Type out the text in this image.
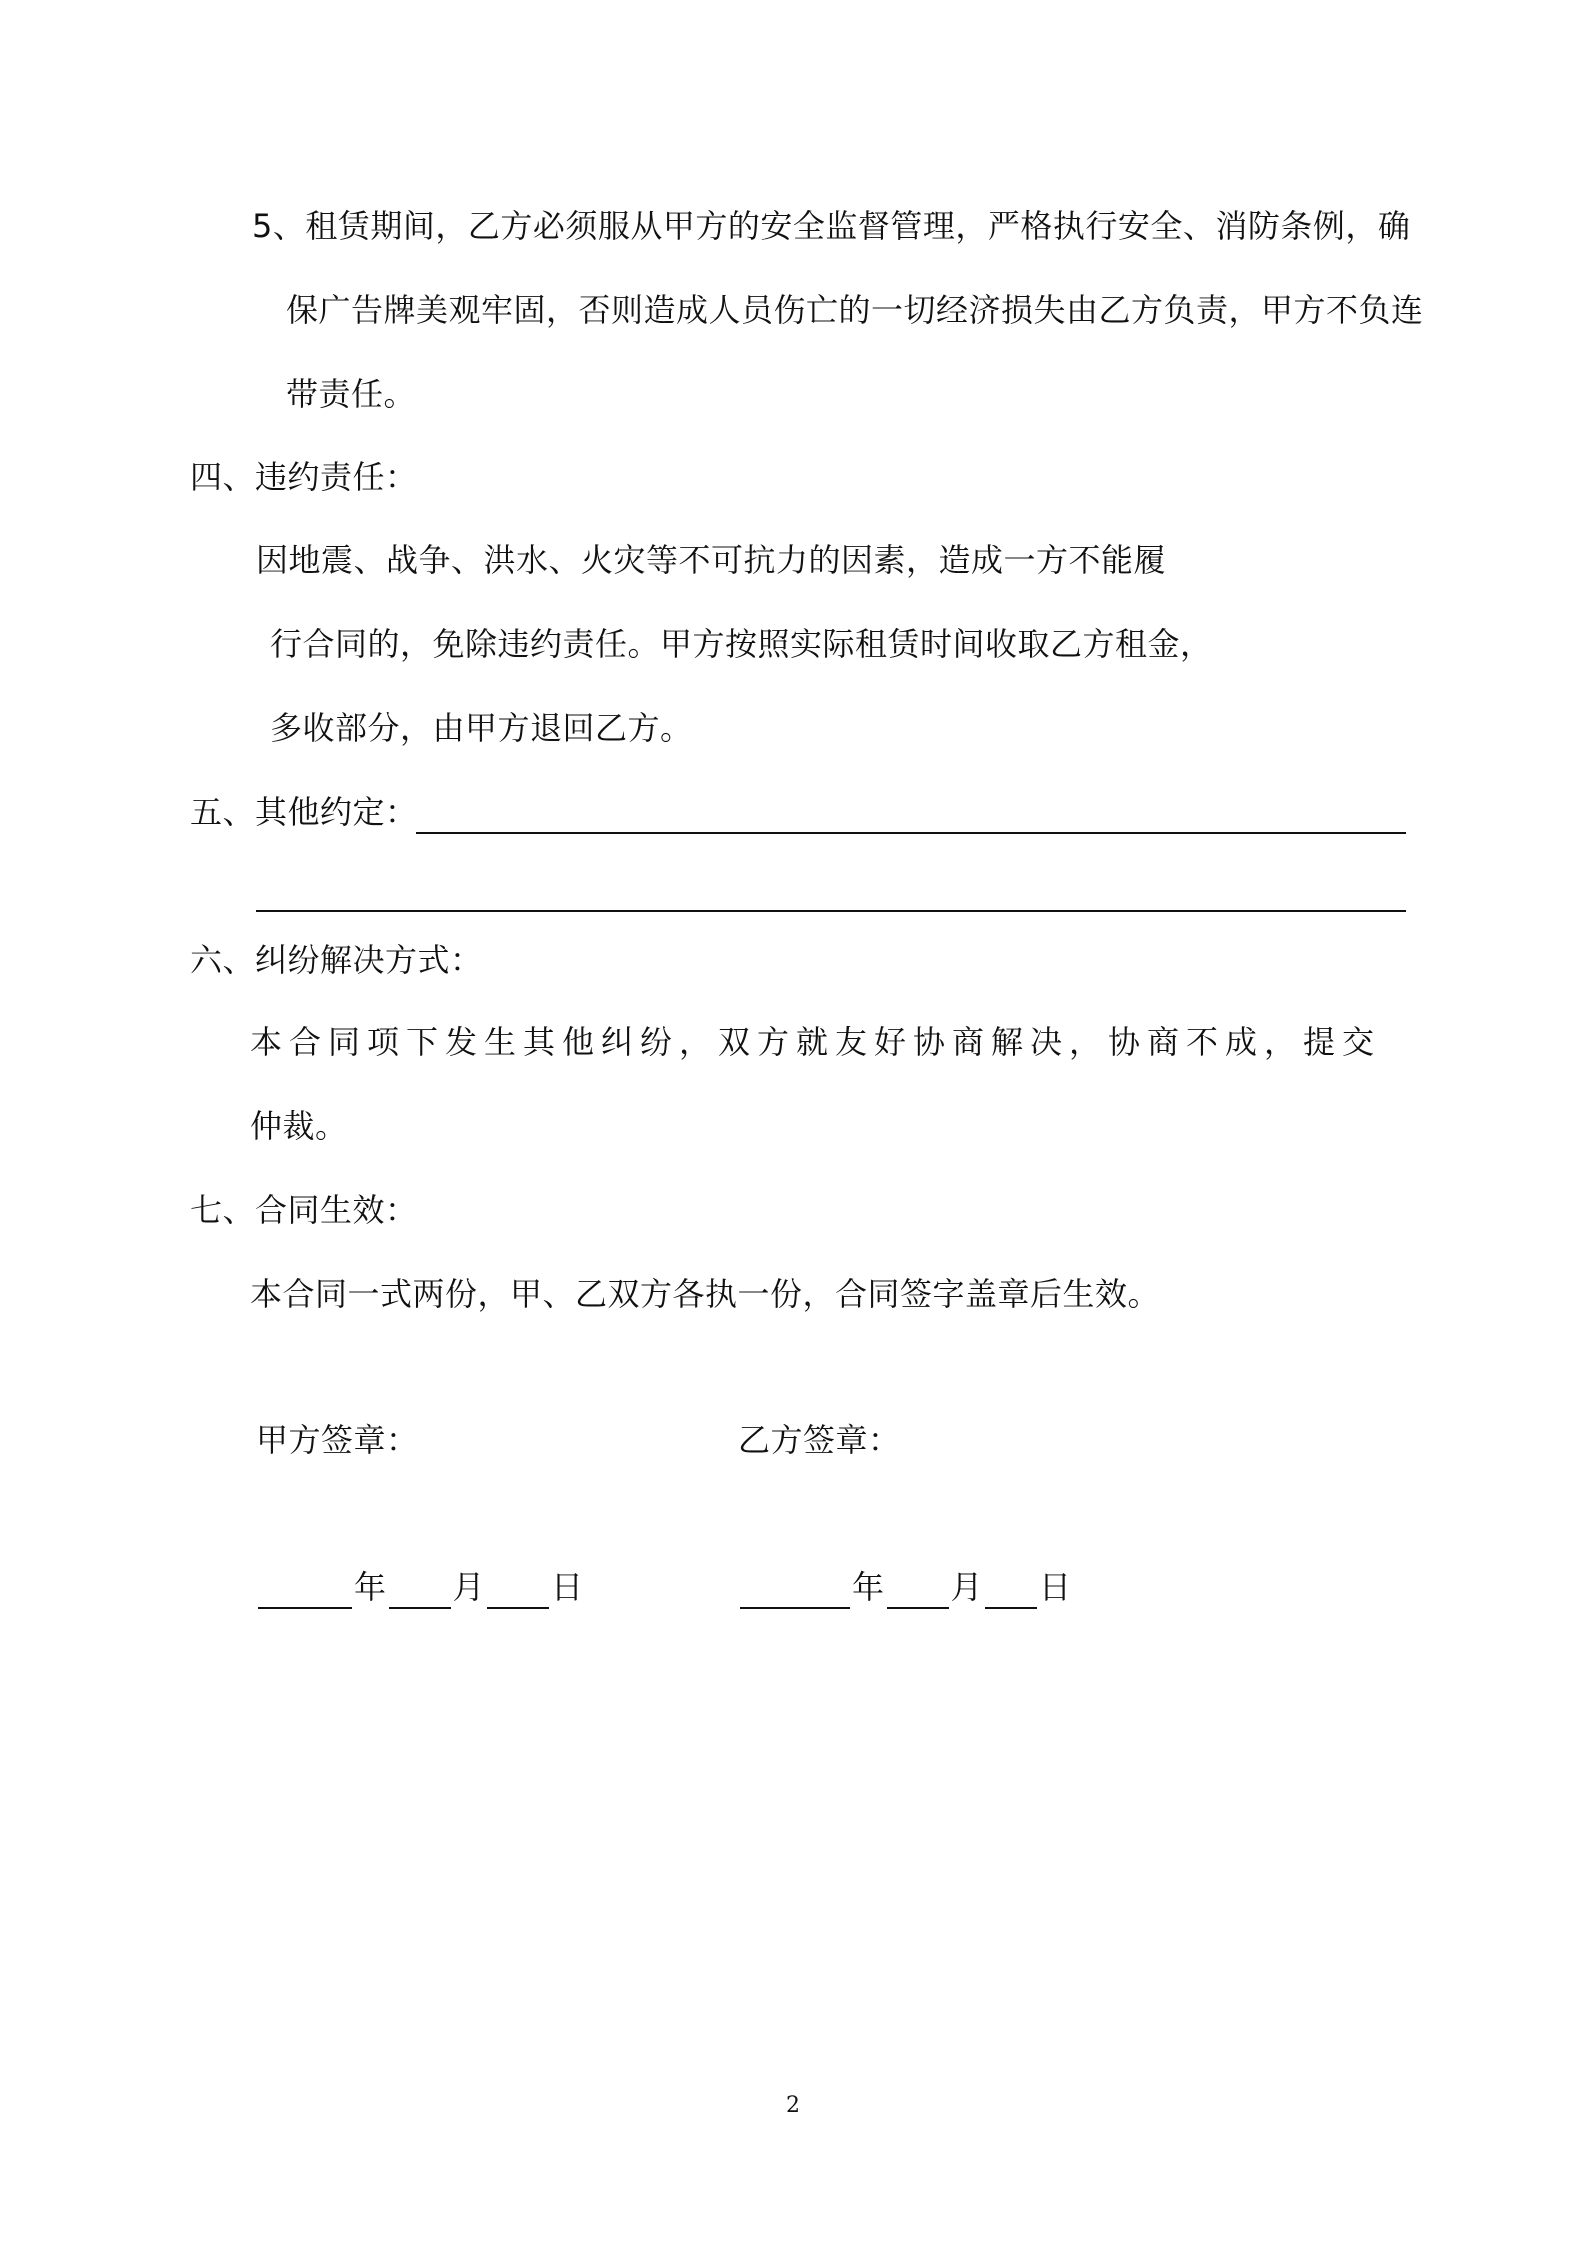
5、租赁期间，乙方必须服从甲方的安全监督管理，严格执行安全、消防条例，确
保广告牌美观牢固，否则造成人员伤亡的一切经济损失由乙方负责，甲方不负连
带责任。
四、违约责任：
因地震、战争、洪水、火灾等不可抗力的因素，造成一方不能履
行合同的，免除违约责任。甲方按照实际租赁时间收取乙方租金，
多收部分，由甲方退回乙方。
五、其他约定：
六、纠纷解决方式：
本合同项下发生其他纠纷，双方就友好协商解决，协商不成，提交
仲裁。
七、合同生效：
本合同一式两份，甲、乙双方各执一份，合同签字盖章后生效。
甲方签章：	乙方签章：
年 月 日	年 月 日
2
